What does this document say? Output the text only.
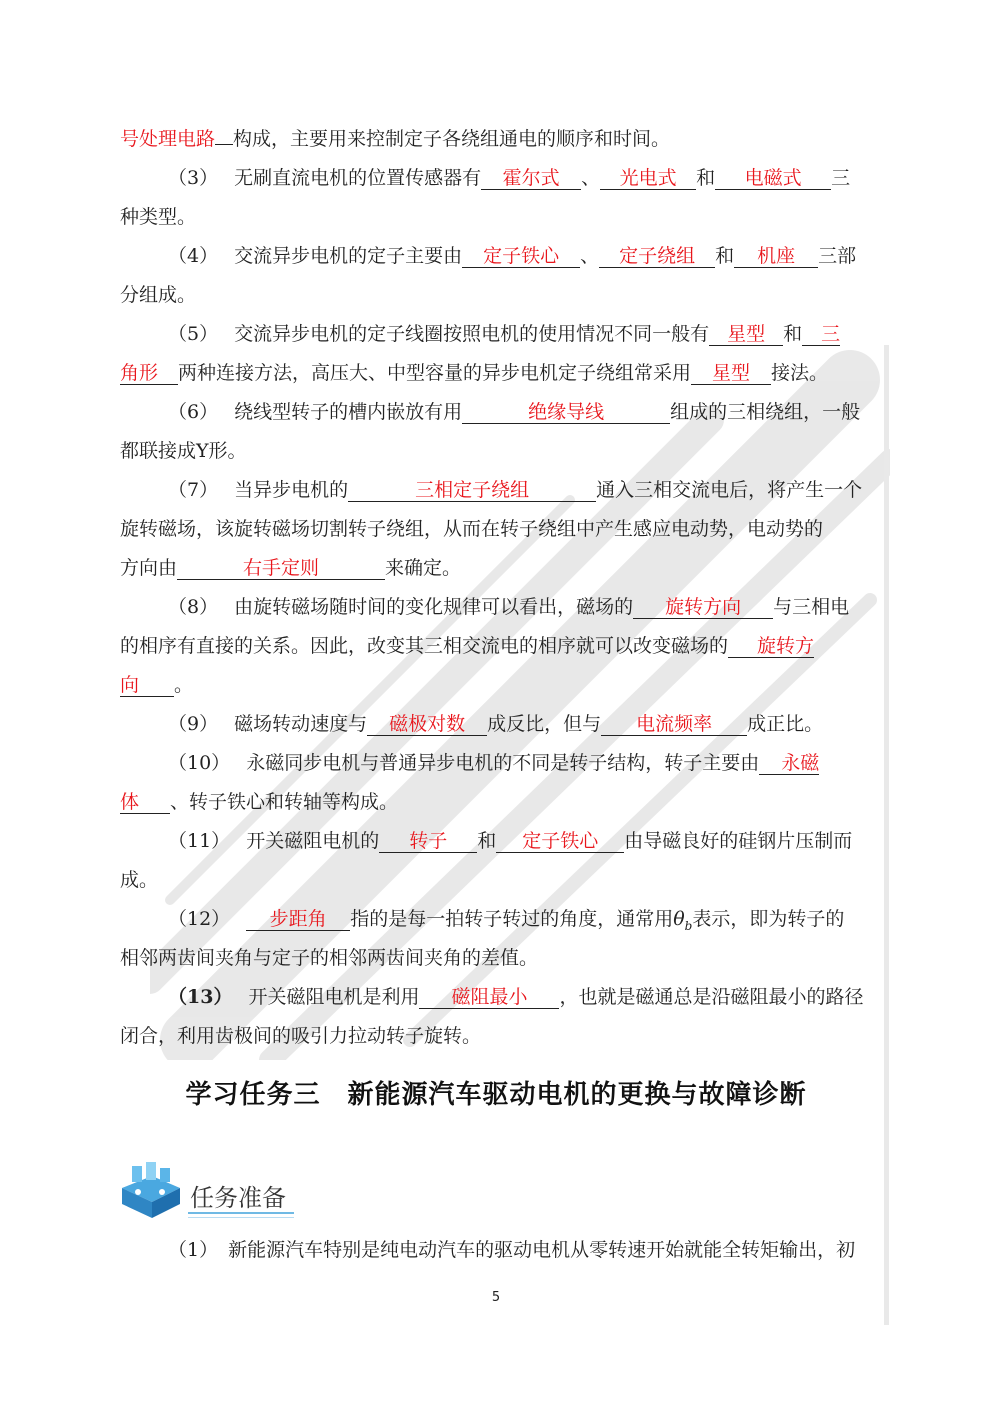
号处理电路 构成，主要用来控制定子各绕组通电的顺序和时间。
（3） 无刷直流电机的位置传感器有 霍尔式 、 光电式 和 电磁式 三
种类型。
（4） 交流异步电机的定子主要由 定子铁心 、 定子绕组 和 机座 三部
分组成。
（5） 交流异步电机的定子线圈按照电机的使用情况不同一般有 星型 和 三
角形 两种连接方法，高压大、中型容量的异步电机定子绕组常采用 星型 接法。
（6） 绕线型转子的槽内嵌放有用	绝缘导线	组成的三相绕组，一般
都联接成Y形。
（7） 当异步电机的	三相定子绕组	通入三相交流电后，将产生一个
旋转磁场，该旋转磁场切割转子绕组，从而在转子绕组中产生感应电动势，电动势的
方向由	右手定则	来确定。
（8） 由旋转磁场随时间的变化规律可以看出，磁场的 旋转方向 与三相电
的相序有直接的关系。因此，改变其三相交流电的相序就可以改变磁场的 旋转方
向 。
（9） 磁场转动速度与 磁极对数 成反比，但与 电流频率 成正比。
（10） 永磁同步电机与普通异步电机的不同是转子结构，转子主要由 永磁
体 、转子铁心和转轴等构成。
（11） 开关磁阻电机的 转子 和 定子铁心 由导磁良好的硅钢片压制而
成。
（12） 步距角 指的是每一拍转子转过的角度，通常用$\theta_b$表示，即为转子的
相邻两齿间夹角与定子的相邻两齿间夹角的差值。
（13） 开关磁阻电机是利用 磁阻最小 ，也就是磁通总是沿磁阻最小的路径
闭合，利用齿极间的吸引力拉动转子旋转。
学习任务三　新能源汽车驱动电机的更换与故障诊断
任务准备
（1） 新能源汽车特别是纯电动汽车的驱动电机从零转速开始就能全转矩输出，初
5
